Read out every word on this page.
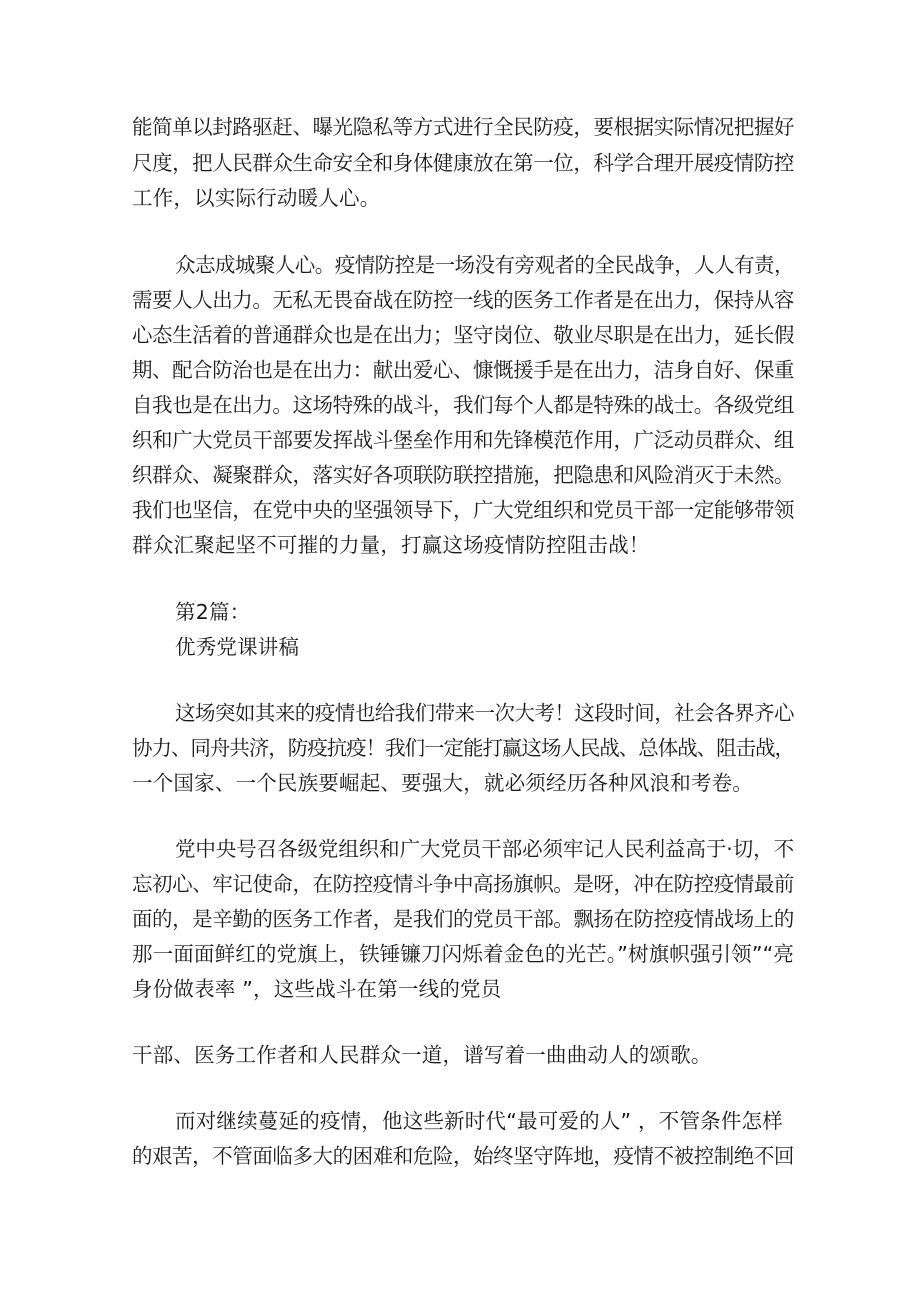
能简单以封路驱赶、曝光隐私等方式进行全民防疫，要根据实际情况把握好
尺度，把人民群众生命安全和身体健康放在第一位，科学合理开展疫情防控
工作，以实际行动暖人心。
众志成城聚人心。疫情防控是一场没有旁观者的全民战争，人人有责，
需要人人出力。无私无畏奋战在防控一线的医务工作者是在出力，保持从容
心态生活着的普通群众也是在出力；坚守岗位、敬业尽职是在出力，延长假
期、配合防治也是在出力：献出爱心、慷慨援手是在出力，洁身自好、保重
自我也是在出力。这场特殊的战斗，我们每个人都是特殊的战士。各级党组
织和广大党员干部要发挥战斗堡垒作用和先锋模范作用，广泛动员群众、组
织群众、凝聚群众，落实好各项联防联控措施，把隐患和风险消灭于未然。
我们也坚信，在党中央的坚强领导下，广大党组织和党员干部一定能够带领
群众汇聚起坚不可摧的力量，打赢这场疫情防控阻击战！
第2篇：
优秀党课讲稿
这场突如其来的疫情也给我们带来一次大考！这段时间，社会各界齐心
协力、同舟共济，防疫抗疫！我们一定能打赢这场人民战、总体战、阻击战，
一个国家、一个民族要崛起、要强大，就必须经历各种风浪和考卷。
党中央号召各级党组织和广大党员干部必须牢记人民利益高于·切，不
忘初心、牢记使命，在防控疫情斗争中高扬旗帜。是呀，冲在防控疫情最前
面的，是辛勤的医务工作者，是我们的党员干部。飘扬在防控疫情战场上的
那一面面鲜红的党旗上，铁锤镰刀闪烁着金色的光芒。”树旗帜强引领”“亮
身份做表率 ”，这些战斗在第一线的党员
干部、医务工作者和人民群众一道，谱写着一曲曲动人的颂歌。
而对继续蔓延的疫情，他这些新时代“最可爱的人” ，不管条件怎样
的艰苦，不管面临多大的困难和危险，始终坚守阵地，疫情不被控制绝不回
